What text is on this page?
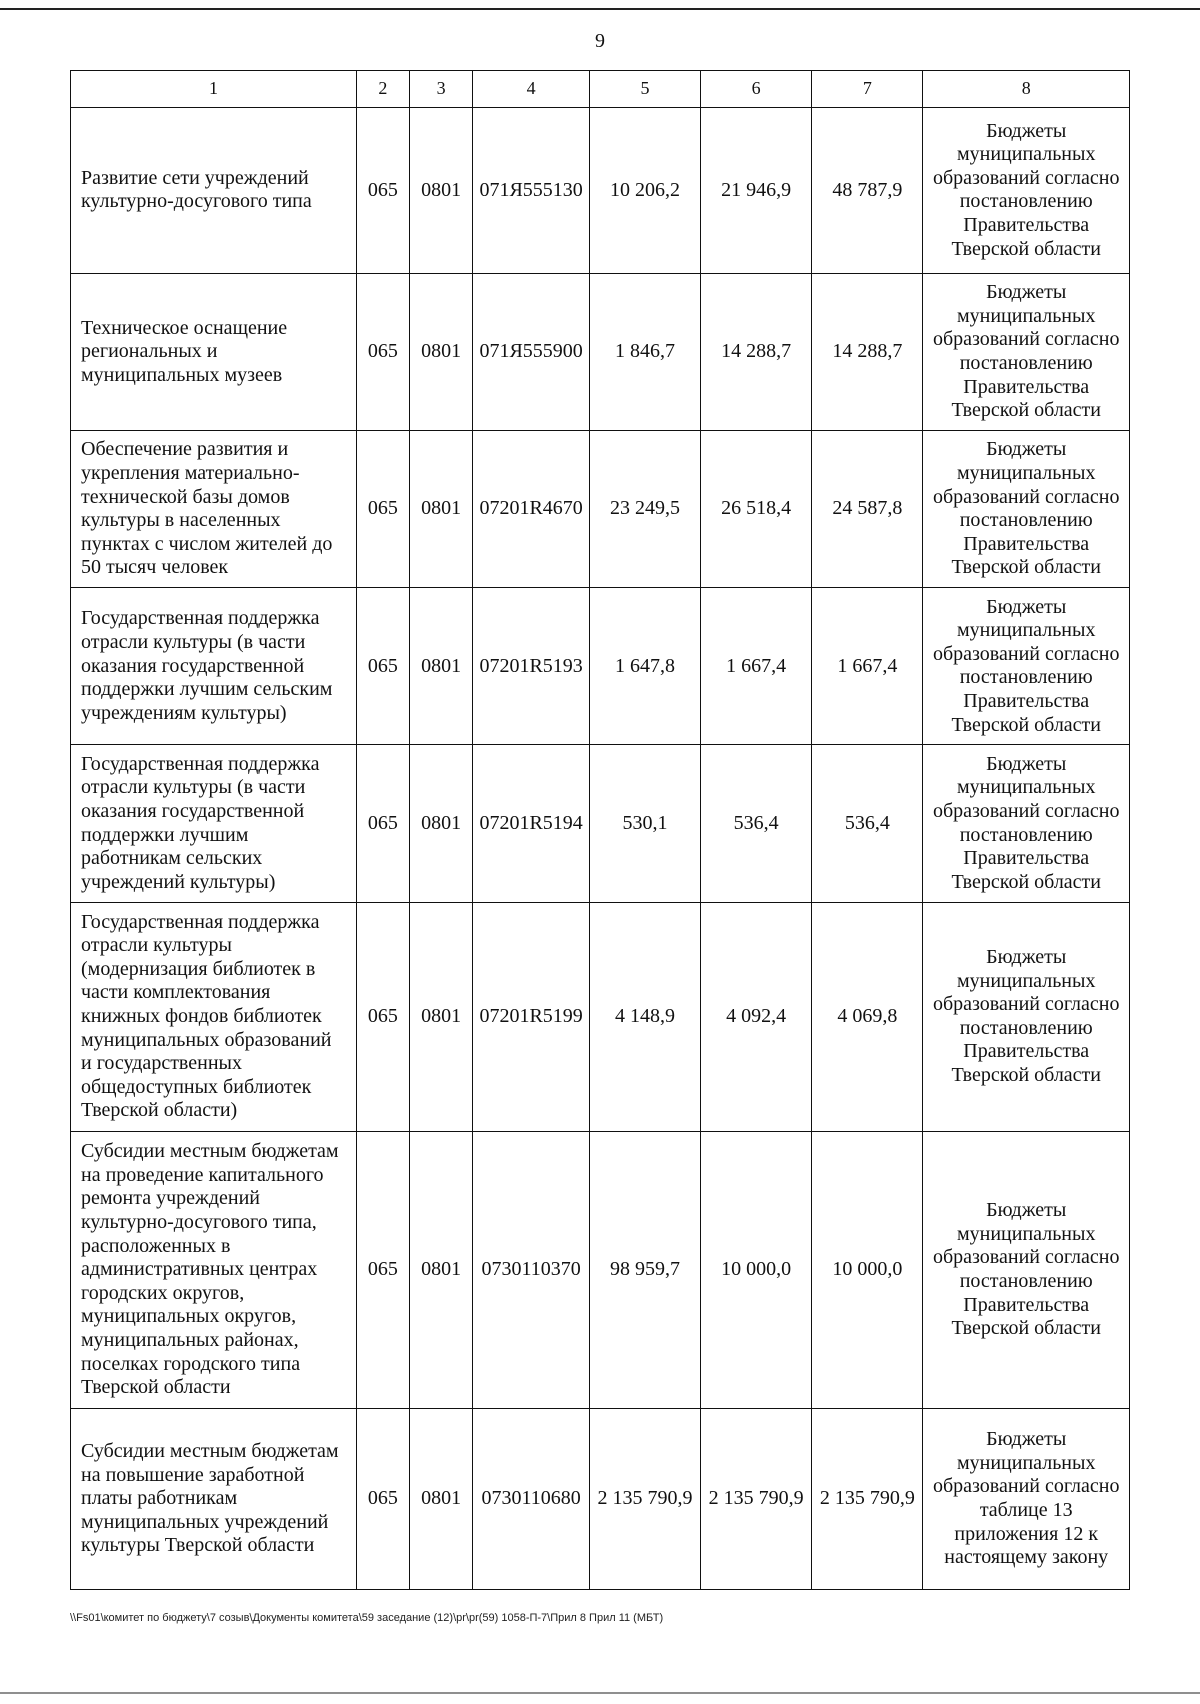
9
1	2	3	4	5	6	7	8
Развитие сети учреждений культурно-досугового типа	065	0801	071Я555130	10 206,2	21 946,9	48 787,9	Бюджеты муниципальных образований согласно постановлению Правительства Тверской области
Техническое оснащение региональных и муниципальных музеев	065	0801	071Я555900	1 846,7	14 288,7	14 288,7	Бюджеты муниципальных образований согласно постановлению Правительства Тверской области
Обеспечение развития и укрепления материально-технической базы домов культуры в населенных пунктах с числом жителей до 50 тысяч человек	065	0801	07201R4670	23 249,5	26 518,4	24 587,8	Бюджеты муниципальных образований согласно постановлению Правительства Тверской области
Государственная поддержка отрасли культуры (в части оказания государственной поддержки лучшим сельским учреждениям культуры)	065	0801	07201R5193	1 647,8	1 667,4	1 667,4	Бюджеты муниципальных образований согласно постановлению Правительства Тверской области
Государственная поддержка отрасли культуры (в части оказания государственной поддержки лучшим работникам сельских учреждений культуры)	065	0801	07201R5194	530,1	536,4	536,4	Бюджеты муниципальных образований согласно постановлению Правительства Тверской области
Государственная поддержка отрасли культуры (модернизация библиотек в части комплектования книжных фондов библиотек муниципальных образований и государственных общедоступных библиотек Тверской области)	065	0801	07201R5199	4 148,9	4 092,4	4 069,8	Бюджеты муниципальных образований согласно постановлению Правительства Тверской области
Субсидии местным бюджетам на проведение капитального ремонта учреждений культурно-досугового типа, расположенных в административных центрах городских округов, муниципальных округов, муниципальных районах, поселках городского типа Тверской области	065	0801	0730110370	98 959,7	10 000,0	10 000,0	Бюджеты муниципальных образований согласно постановлению Правительства Тверской области
Субсидии местным бюджетам на повышение заработной платы работникам муниципальных учреждений культуры Тверской области	065	0801	0730110680	2 135 790,9	2 135 790,9	2 135 790,9	Бюджеты муниципальных образований согласно таблице 13 приложения 12 к настоящему закону
\\Fs01\комитет по бюджету\7 созыв\Документы комитета\59 заседание (12)\pr\pr(59) 1058-П-7\Прил 8 Прил 11 (МБТ)
